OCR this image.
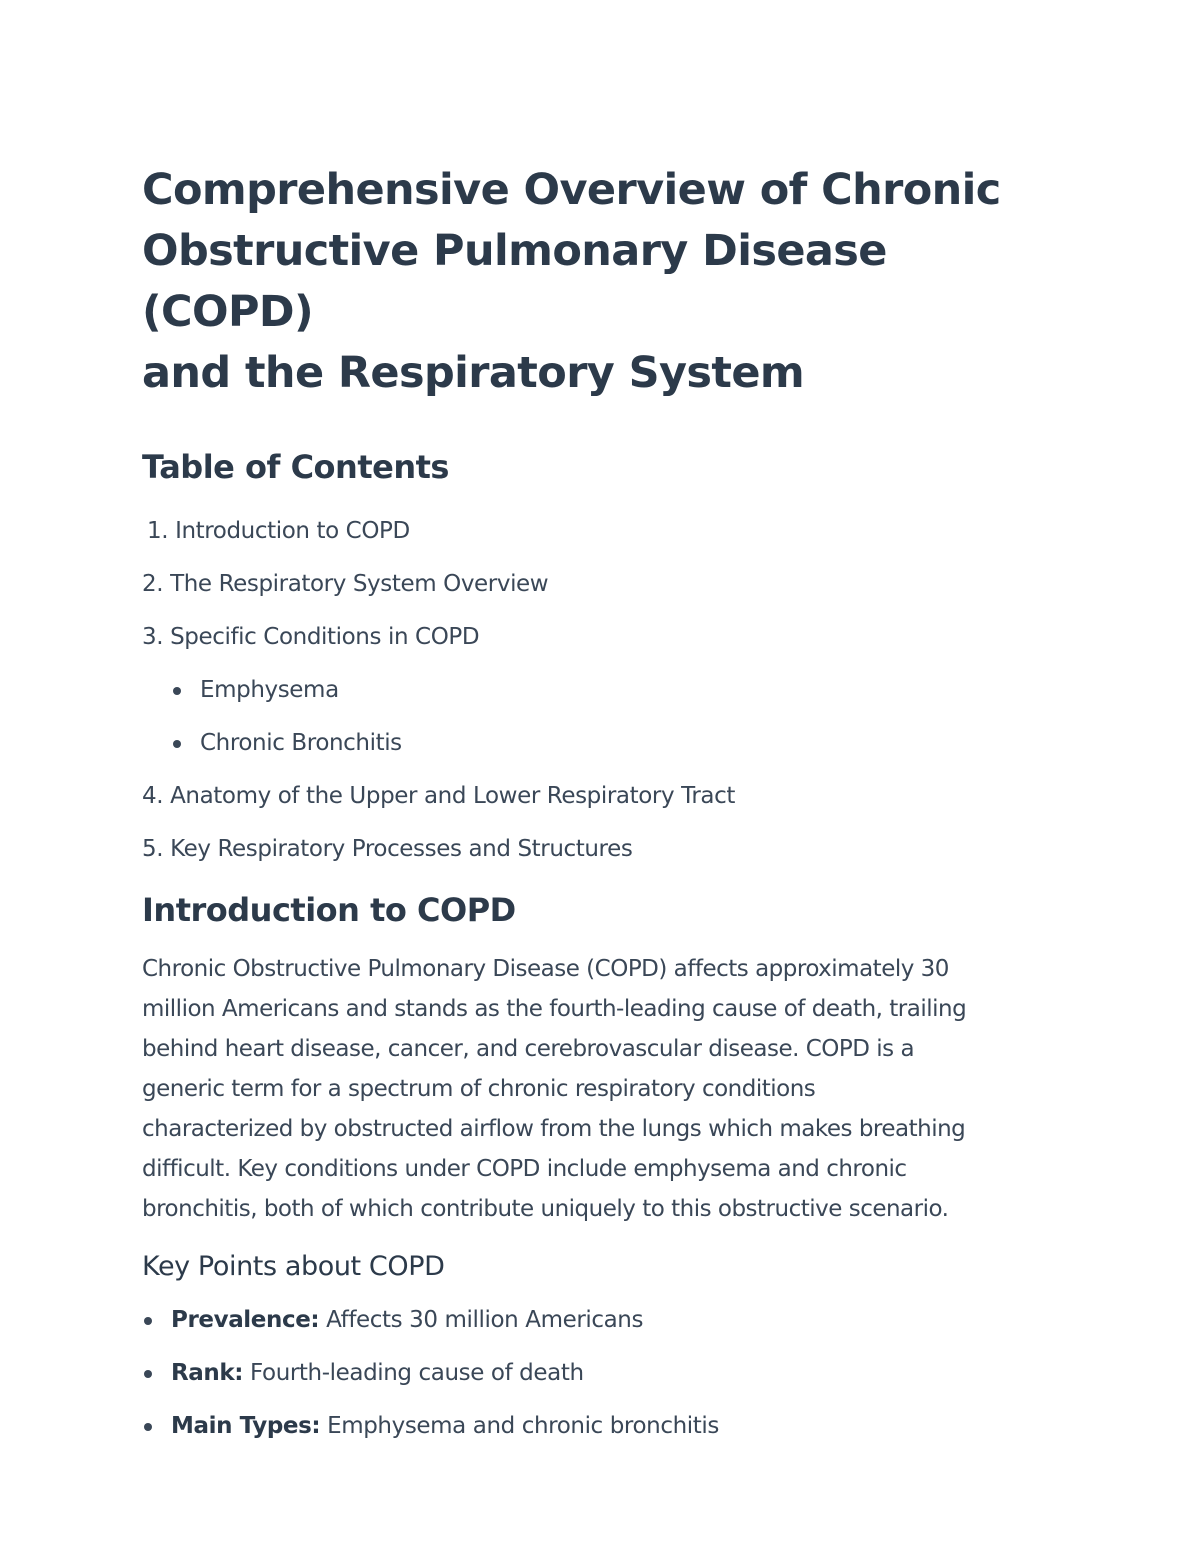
Comprehensive Overview of Chronic
Obstructive Pulmonary Disease (COPD)
and the Respiratory System
Table of Contents
1. Introduction to COPD
2. The Respiratory System Overview
3. Specific Conditions in COPD
Emphysema
Chronic Bronchitis
4. Anatomy of the Upper and Lower Respiratory Tract
5. Key Respiratory Processes and Structures
Introduction to COPD

Chronic Obstructive Pulmonary Disease (COPD) affects approximately 30
million Americans and stands as the fourth-leading cause of death, trailing
behind heart disease, cancer, and cerebrovascular disease. COPD is a
generic term for a spectrum of chronic respiratory conditions
characterized by obstructed airflow from the lungs which makes breathing
difficult. Key conditions under COPD include emphysema and chronic
bronchitis, both of which contribute uniquely to this obstructive scenario.

Key Points about COPD
Prevalence: Affects 30 million Americans
Rank: Fourth-leading cause of death
Main Types: Emphysema and chronic bronchitis
